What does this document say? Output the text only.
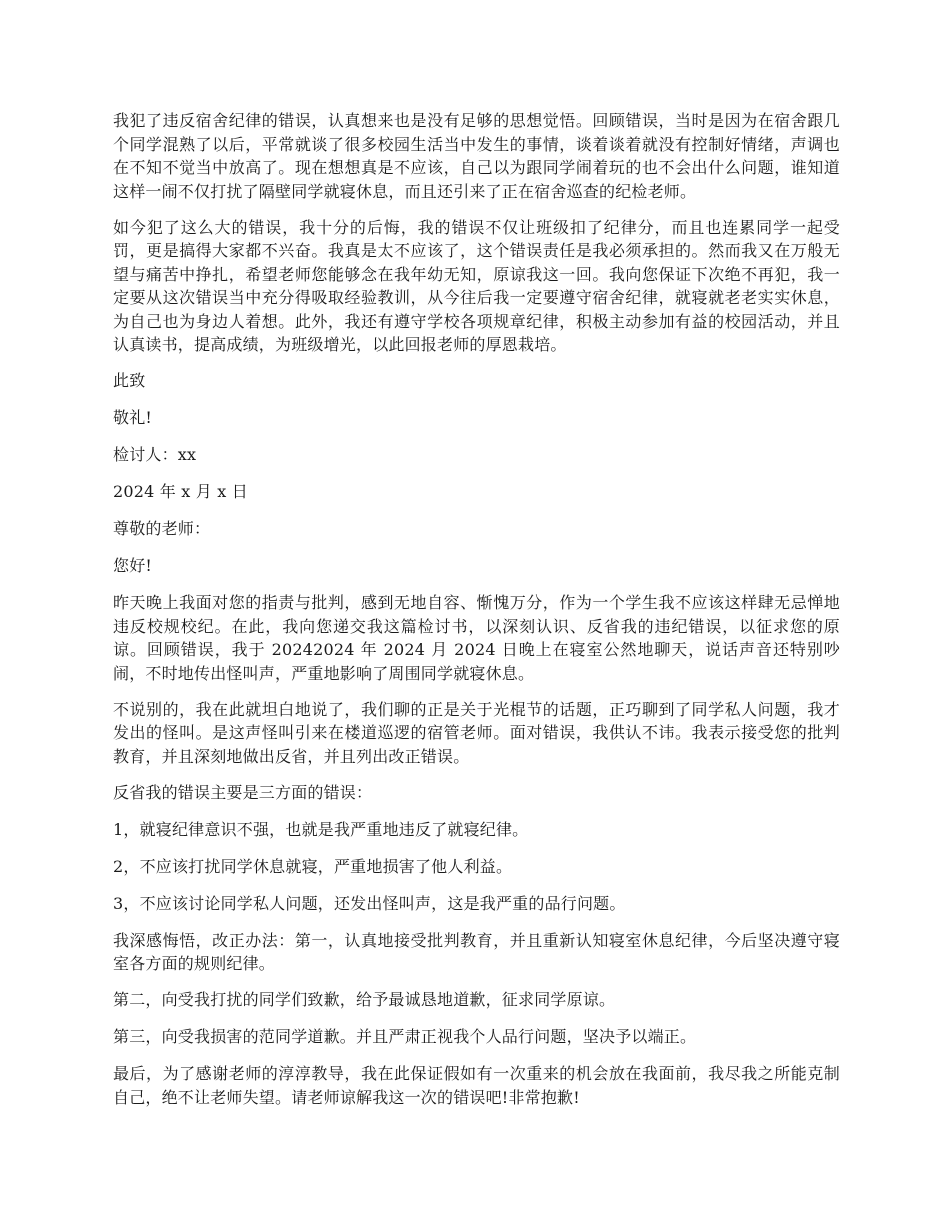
我犯了违反宿舍纪律的错误，认真想来也是没有足够的思想觉悟。回顾错误，当时是因为在宿舍跟几个同学混熟了以后，平常就谈了很多校园生活当中发生的事情，谈着谈着就没有控制好情绪，声调也在不知不觉当中放高了。现在想想真是不应该，自己以为跟同学闹着玩的也不会出什么问题，谁知道这样一闹不仅打扰了隔壁同学就寝休息，而且还引来了正在宿舍巡查的纪检老师。

如今犯了这么大的错误，我十分的后悔，我的错误不仅让班级扣了纪律分，而且也连累同学一起受罚，更是搞得大家都不兴奋。我真是太不应该了，这个错误责任是我必须承担的。然而我又在万般无望与痛苦中挣扎，希望老师您能够念在我年幼无知，原谅我这一回。我向您保证下次绝不再犯，我一定要从这次错误当中充分得吸取经验教训，从今往后我一定要遵守宿舍纪律，就寝就老老实实休息，为自己也为身边人着想。此外，我还有遵守学校各项规章纪律，积极主动参加有益的校园活动，并且认真读书，提高成绩，为班级增光，以此回报老师的厚恩栽培。

此致

敬礼!

检讨人：xx

2024 年 x 月 x 日

尊敬的老师：

您好!

昨天晚上我面对您的指责与批判，感到无地自容、惭愧万分，作为一个学生我不应该这样肆无忌惮地违反校规校纪。在此，我向您递交我这篇检讨书，以深刻认识、反省我的违纪错误，以征求您的原谅。回顾错误，我于 20242024 年 2024 月 2024 日晚上在寝室公然地聊天，说话声音还特别吵闹，不时地传出怪叫声，严重地影响了周围同学就寝休息。

不说别的，我在此就坦白地说了，我们聊的正是关于光棍节的话题，正巧聊到了同学私人问题，我才发出的怪叫。是这声怪叫引来在楼道巡逻的宿管老师。面对错误，我供认不讳。我表示接受您的批判教育，并且深刻地做出反省，并且列出改正错误。

反省我的错误主要是三方面的错误：

1，就寝纪律意识不强，也就是我严重地违反了就寝纪律。

2，不应该打扰同学休息就寝，严重地损害了他人利益。

3，不应该讨论同学私人问题，还发出怪叫声，这是我严重的品行问题。

我深感悔悟，改正办法：第一，认真地接受批判教育，并且重新认知寝室休息纪律，今后坚决遵守寝室各方面的规则纪律。

第二，向受我打扰的同学们致歉，给予最诚恳地道歉，征求同学原谅。

第三，向受我损害的范同学道歉。并且严肃正视我个人品行问题，坚决予以端正。

最后，为了感谢老师的淳淳教导，我在此保证假如有一次重来的机会放在我面前，我尽我之所能克制自己，绝不让老师失望。请老师谅解我这一次的错误吧!非常抱歉!
